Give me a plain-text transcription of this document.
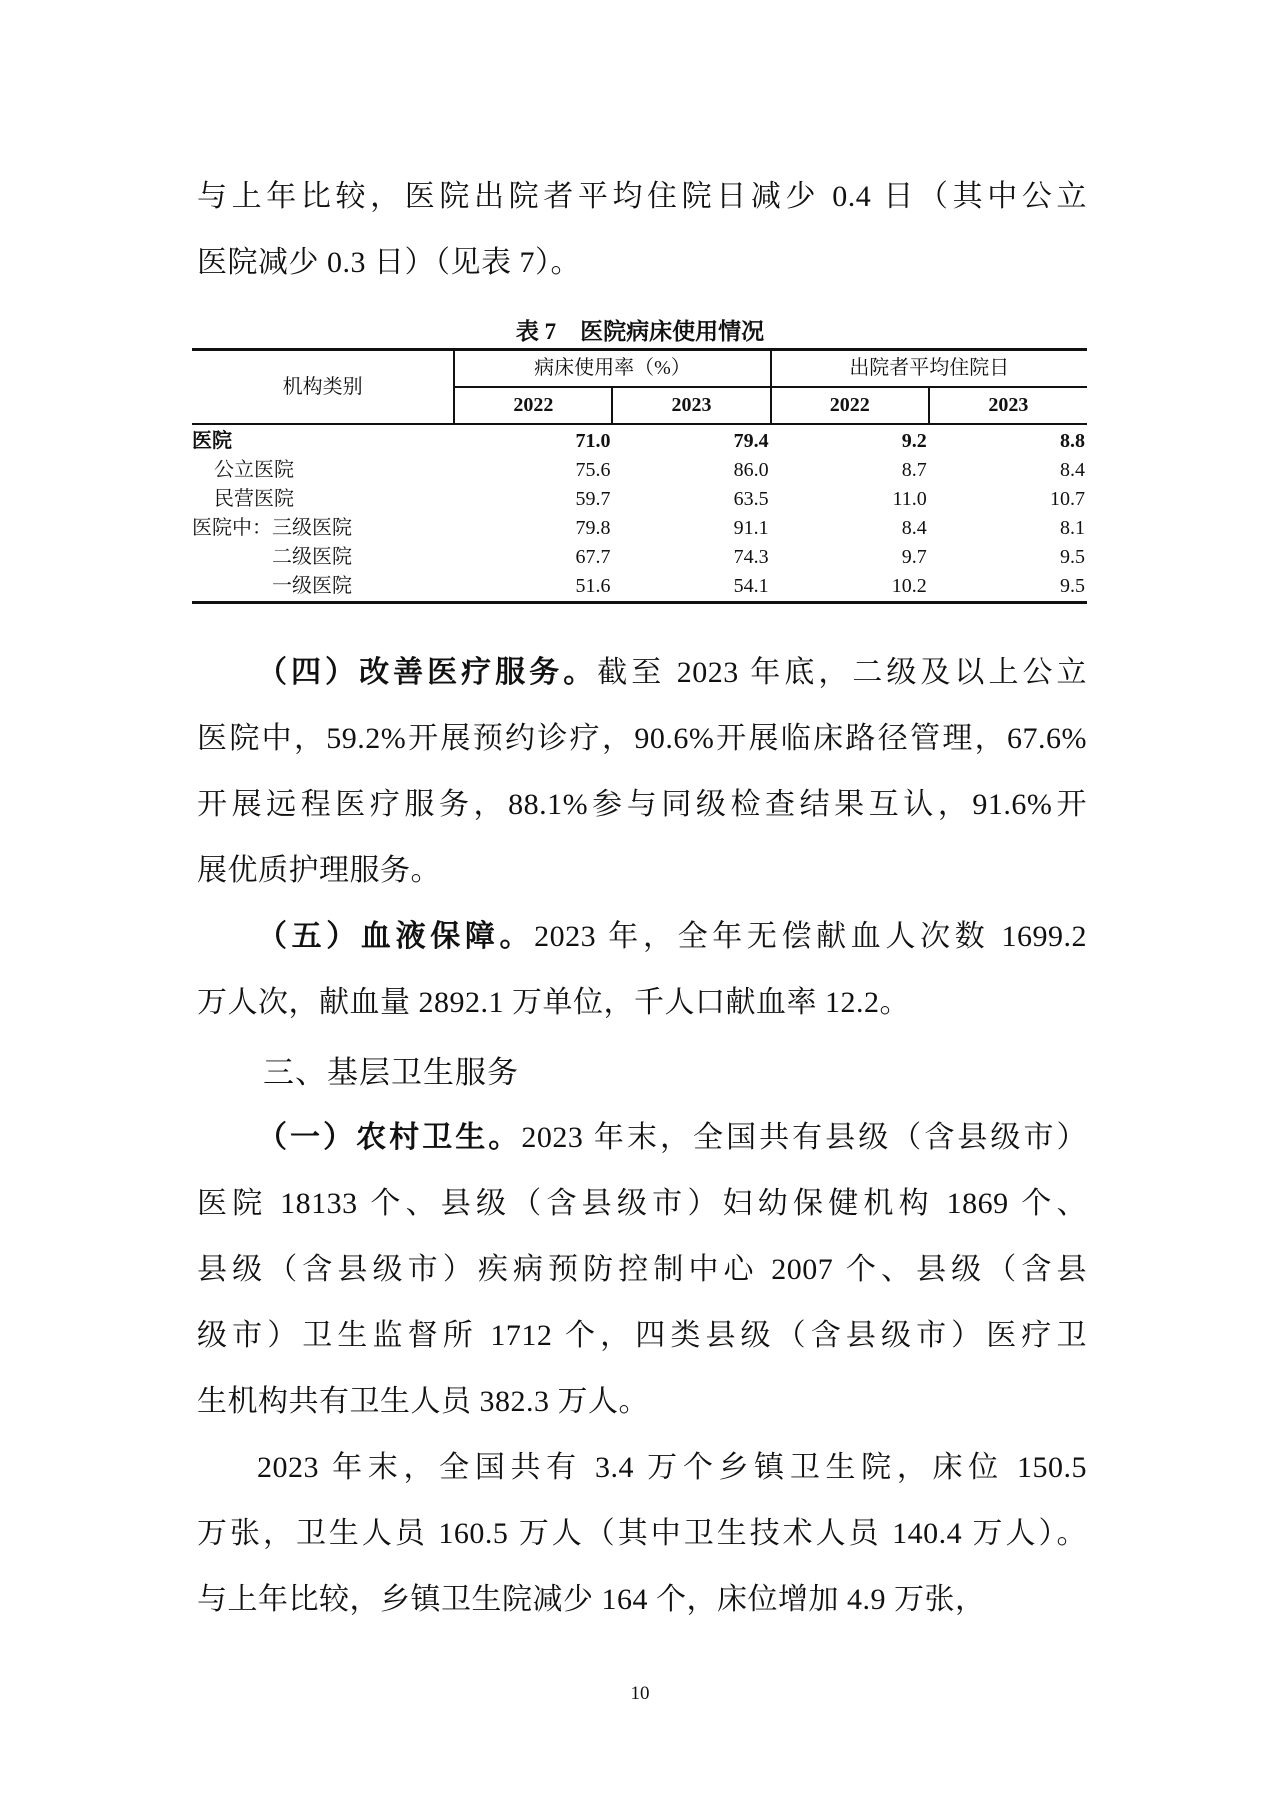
与上年比较，医院出院者平均住院日减少 0.4 日（其中公立
医院减少 0.3 日）（见表 7）。
表 7 医院病床使用情况
机构类别	病床使用率（%）		出院者平均住院日	
	2022	2023	2022	2023
医院	71.0	79.4	9.2	8.8
公立医院	75.6	86.0	8.7	8.4
民营医院	59.7	63.5	11.0	10.7
医院中：三级医院	79.8	91.1	8.4	8.1
二级医院	67.7	74.3	9.7	9.5
一级医院	51.6	54.1	10.2	9.5
（四）改善医疗服务。截至 2023 年底，二级及以上公立
医院中，59.2%开展预约诊疗，90.6%开展临床路径管理，67.6%
开展远程医疗服务，88.1%参与同级检查结果互认，91.6%开
展优质护理服务。
（五）血液保障。2023 年，全年无偿献血人次数 1699.2
万人次，献血量 2892.1 万单位，千人口献血率 12.2。
三、基层卫生服务
（一）农村卫生。2023 年末，全国共有县级（含县级市）
医院 18133 个、县级（含县级市）妇幼保健机构 1869 个、
县级（含县级市）疾病预防控制中心 2007 个、县级（含县
级市）卫生监督所 1712 个，四类县级（含县级市）医疗卫
生机构共有卫生人员 382.3 万人。
2023 年末，全国共有 3.4 万个乡镇卫生院，床位 150.5
万张，卫生人员 160.5 万人（其中卫生技术人员 140.4 万人）。
与上年比较，乡镇卫生院减少 164 个，床位增加 4.9 万张，
10
